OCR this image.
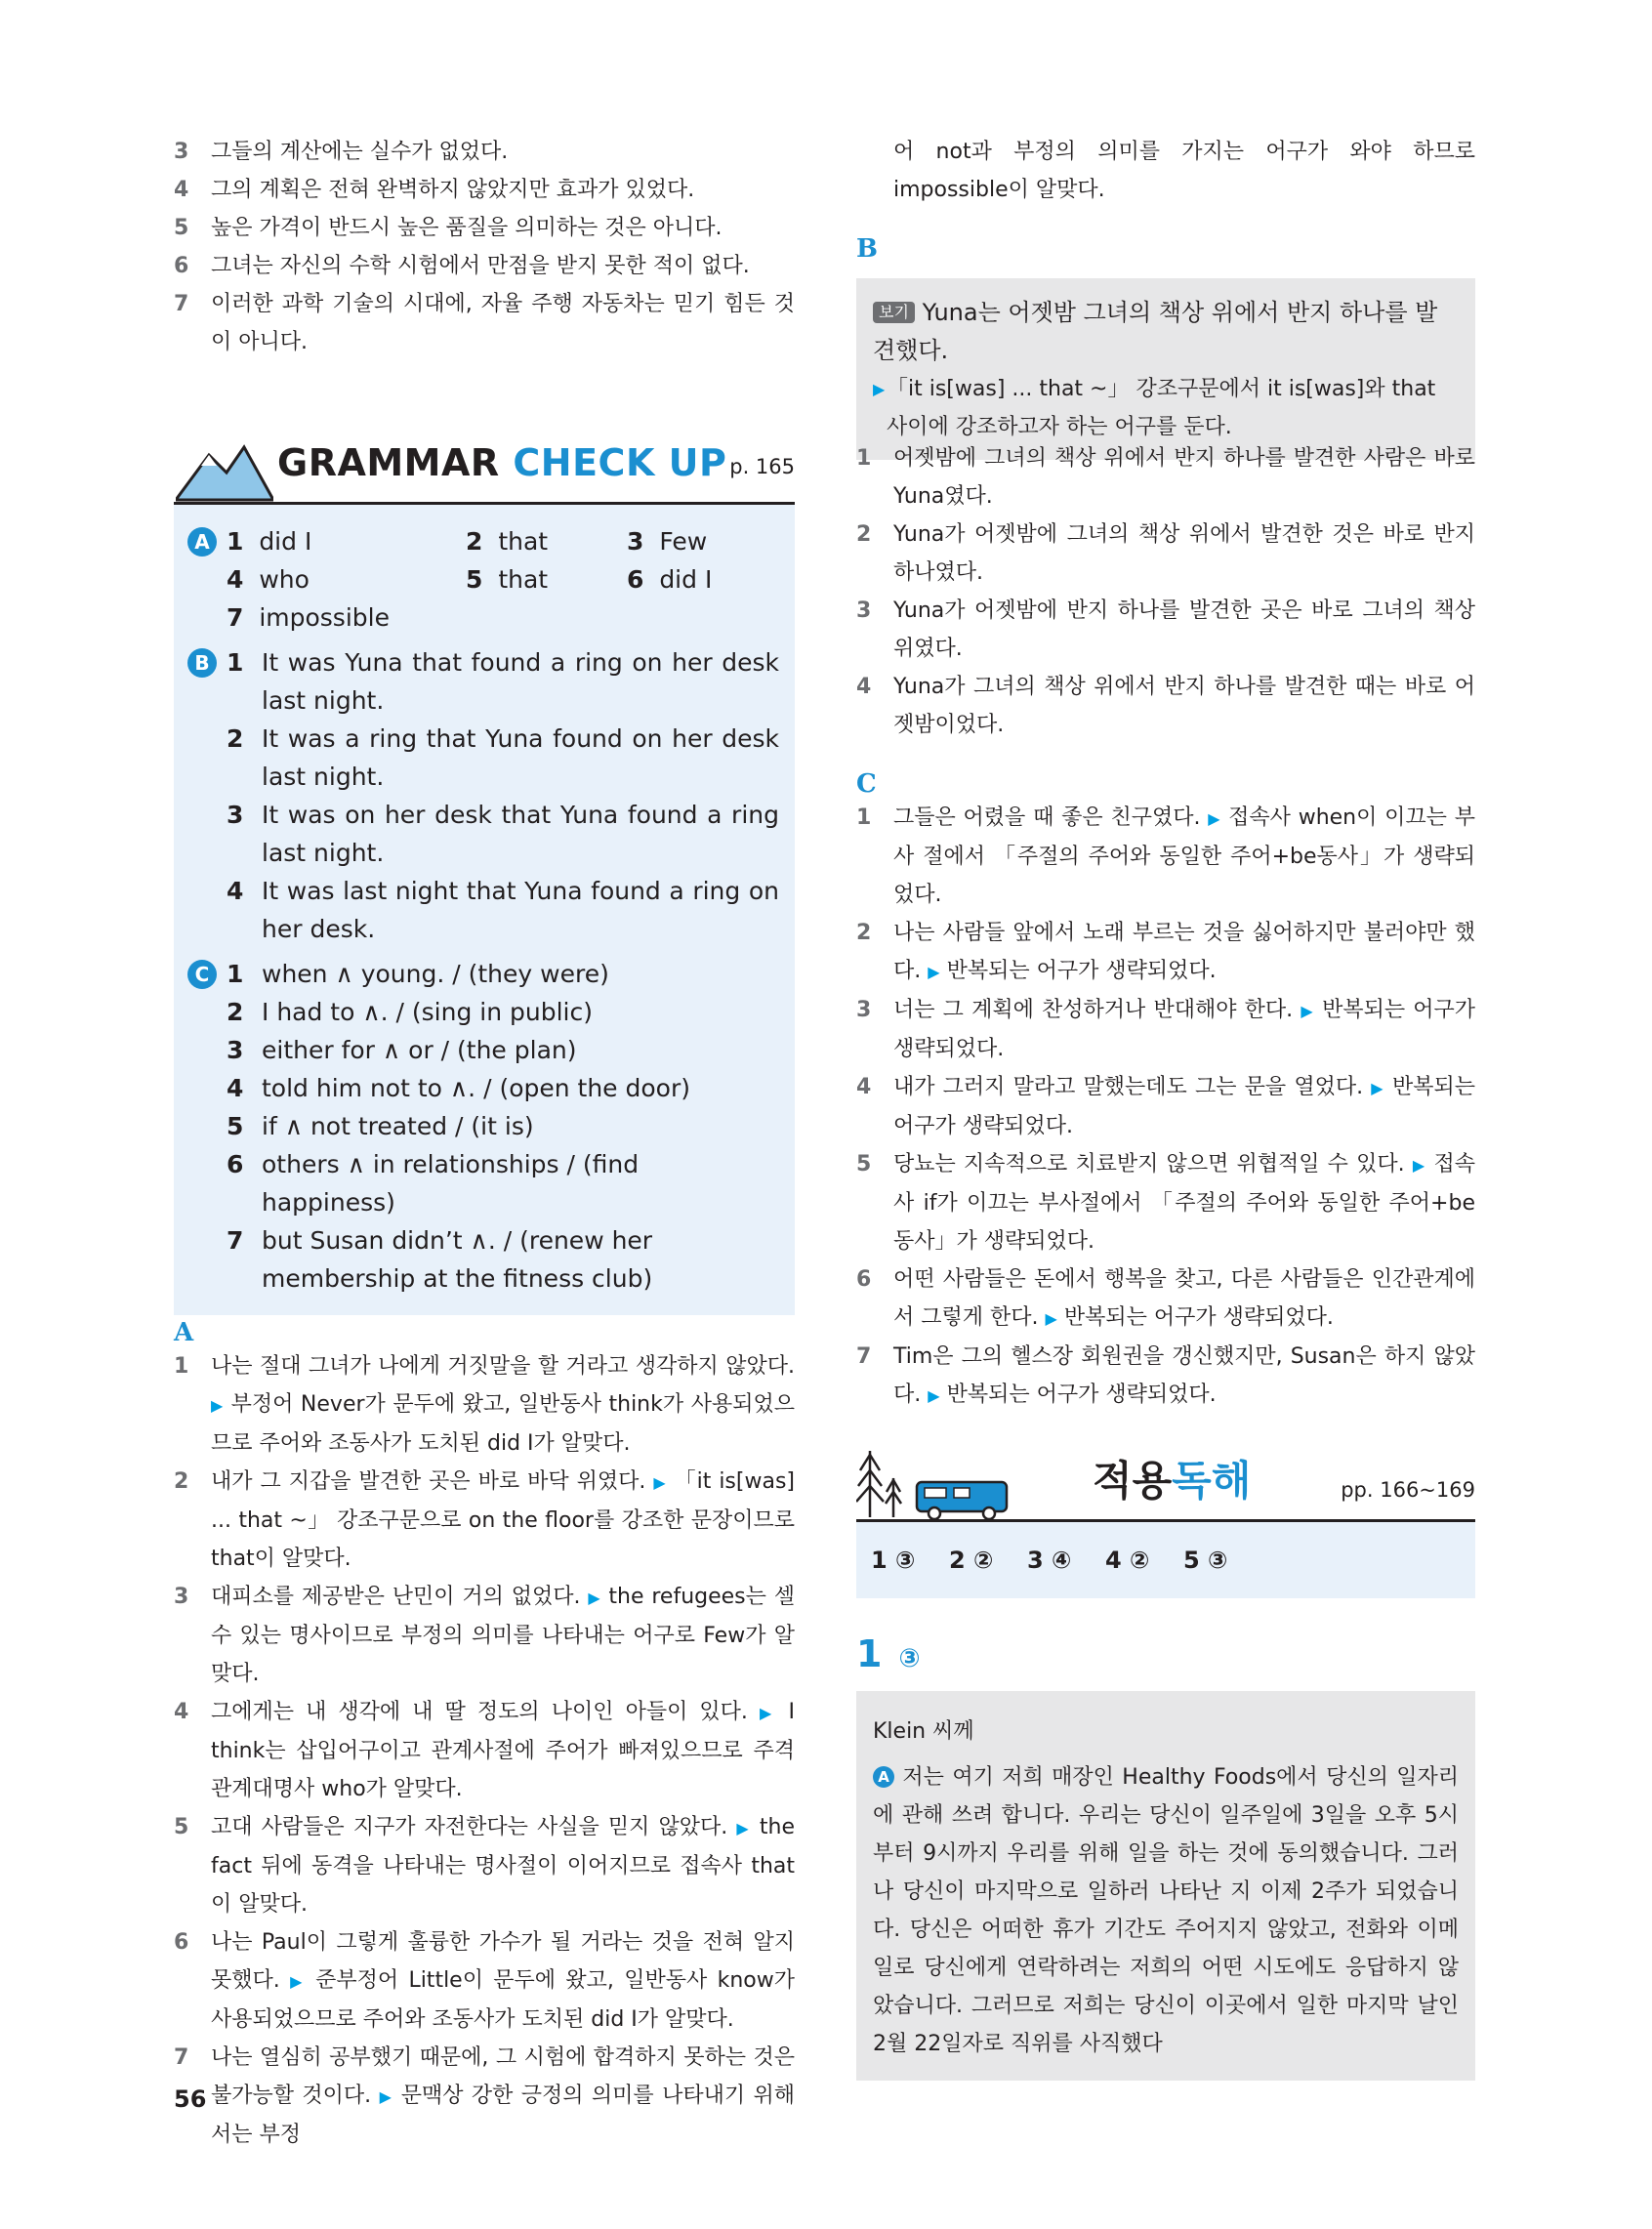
3	그들의 계산에는 실수가 없었다.
4	그의 계획은 전혀 완벽하지 않았지만 효과가 있었다.
5	높은 가격이 반드시 높은 품질을 의미하는 것은 아니다.
6	그녀는 자신의 수학 시험에서 만점을 받지 못한 적이 없다.
7	이러한 과학 기술의 시대에, 자율 주행 자동차는 믿기 힘든 것이 아니다.
GRAMMAR CHECK UP p. 165
A 1 did I	2 that	3 Few
4 who	5 that	6 did I
7 impossible
B 1 It was Yuna that found a ring on her desk last night.
2 It was a ring that Yuna found on her desk last night.
3 It was on her desk that Yuna found a ring last night.
4 It was last night that Yuna found a ring on her desk.
C 1 when ∧ young. / (they were)
2 I had to ∧. / (sing in public)
3 either for ∧ or / (the plan)
4 told him not to ∧. / (open the door)
5 if ∧ not treated / (it is)
6 others ∧ in relationships / (find happiness)
7 but Susan didn’t ∧. / (renew her membership at the fitness club)
A
1	나는 절대 그녀가 나에게 거짓말을 할 거라고 생각하지 않았다. ▶ 부정어 Never가 문두에 왔고, 일반동사 think가 사용되었으므로 주어와 조동사가 도치된 did I가 알맞다.
2	내가 그 지갑을 발견한 곳은 바로 바닥 위였다. ▶ 「it is[was] ... that ~」 강조구문으로 on the floor를 강조한 문장이므로 that이 알맞다.
3	대피소를 제공받은 난민이 거의 없었다. ▶ the refugees는 셀 수 있는 명사이므로 부정의 의미를 나타내는 어구로 Few가 알맞다.
4	그에게는 내 생각에 내 딸 정도의 나이인 아들이 있다. ▶ I think는 삽입어구이고 관계사절에 주어가 빠져있으므로 주격 관계대명사 who가 알맞다.
5	고대 사람들은 지구가 자전한다는 사실을 믿지 않았다. ▶ the fact 뒤에 동격을 나타내는 명사절이 이어지므로 접속사 that이 알맞다.
6	나는 Paul이 그렇게 훌륭한 가수가 될 거라는 것을 전혀 알지 못했다. ▶ 준부정어 Little이 문두에 왔고, 일반동사 know가 사용되었으므로 주어와 조동사가 도치된 did I가 알맞다.
7	나는 열심히 공부했기 때문에, 그 시험에 합격하지 못하는 것은 불가능할 것이다. ▶ 문맥상 강한 긍정의 의미를 나타내기 위해서는 부정
56
어 not과 부정의 의미를 가지는 어구가 와야 하므로 impossible이 알맞다.
B
보기 Yuna는 어젯밤 그녀의 책상 위에서 반지 하나를 발견했다.
▶ 「it is[was] ... that ~」 강조구문에서 it is[was]와 that 사이에 강조하고자 하는 어구를 둔다.
1	어젯밤에 그녀의 책상 위에서 반지 하나를 발견한 사람은 바로 Yuna였다.
2	Yuna가 어젯밤에 그녀의 책상 위에서 발견한 것은 바로 반지 하나였다.
3	Yuna가 어젯밤에 반지 하나를 발견한 곳은 바로 그녀의 책상 위였다.
4	Yuna가 그녀의 책상 위에서 반지 하나를 발견한 때는 바로 어젯밤이었다.
C
1	그들은 어렸을 때 좋은 친구였다. ▶ 접속사 when이 이끄는 부사 절에서 「주절의 주어와 동일한 주어+be동사」가 생략되었다.
2	나는 사람들 앞에서 노래 부르는 것을 싫어하지만 불러야만 했다. ▶ 반복되는 어구가 생략되었다.
3	너는 그 계획에 찬성하거나 반대해야 한다. ▶ 반복되는 어구가 생략되었다.
4	내가 그러지 말라고 말했는데도 그는 문을 열었다. ▶ 반복되는 어구가 생략되었다.
5	당뇨는 지속적으로 치료받지 않으면 위협적일 수 있다. ▶ 접속사 if가 이끄는 부사절에서 「주절의 주어와 동일한 주어+be동사」가 생략되었다.
6	어떤 사람들은 돈에서 행복을 찾고, 다른 사람들은 인간관계에서 그렇게 한다. ▶ 반복되는 어구가 생략되었다.
7	Tim은 그의 헬스장 회원권을 갱신했지만, Susan은 하지 않았다. ▶ 반복되는 어구가 생략되었다.
적용독해	pp. 166~169
1 ③	2 ②	3 ④	4 ②	5 ③
1 ③
Klein 씨께
A 저는 여기 저희 매장인 Healthy Foods에서 당신의 일자리에 관해 쓰려 합니다. 우리는 당신이 일주일에 3일을 오후 5시부터 9시까지 우리를 위해 일을 하는 것에 동의했습니다. 그러나 당신이 마지막으로 일하러 나타난 지 이제 2주가 되었습니다. 당신은 어떠한 휴가 기간도 주어지지 않았고, 전화와 이메일로 당신에게 연락하려는 저희의 어떤 시도에도 응답하지 않았습니다. 그러므로 저희는 당신이 이곳에서 일한 마지막 날인 2월 22일자로 직위를 사직했다
